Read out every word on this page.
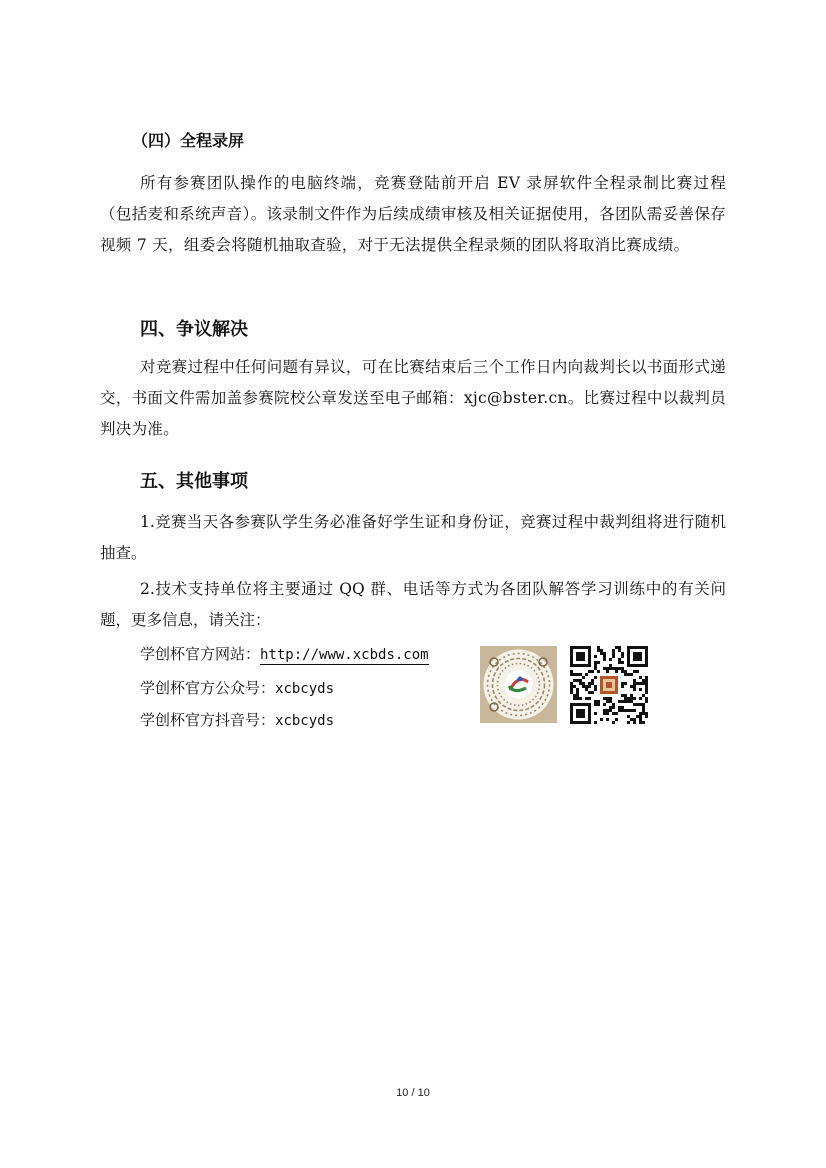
（四）全程录屏
所有参赛团队操作的电脑终端，竞赛登陆前开启 EV 录屏软件全程录制比赛过程（包括麦和系统声音）。该录制文件作为后续成绩审核及相关证据使用，各团队需妥善保存视频 7 天，组委会将随机抽取查验，对于无法提供全程录频的团队将取消比赛成绩。
四、争议解决
对竞赛过程中任何问题有异议，可在比赛结束后三个工作日内向裁判长以书面形式递交，书面文件需加盖参赛院校公章发送至电子邮箱：xjc@bster.cn。比赛过程中以裁判员判决为准。
五、其他事项
1.竞赛当天各参赛队学生务必准备好学生证和身份证，竞赛过程中裁判组将进行随机抽查。
2.技术支持单位将主要通过 QQ 群、电话等方式为各团队解答学习训练中的有关问题，更多信息，请关注：
学创杯官方网站：http://www.xcbds.com
学创杯官方公众号：xcbcyds
学创杯官方抖音号：xcbcyds
10 / 10
